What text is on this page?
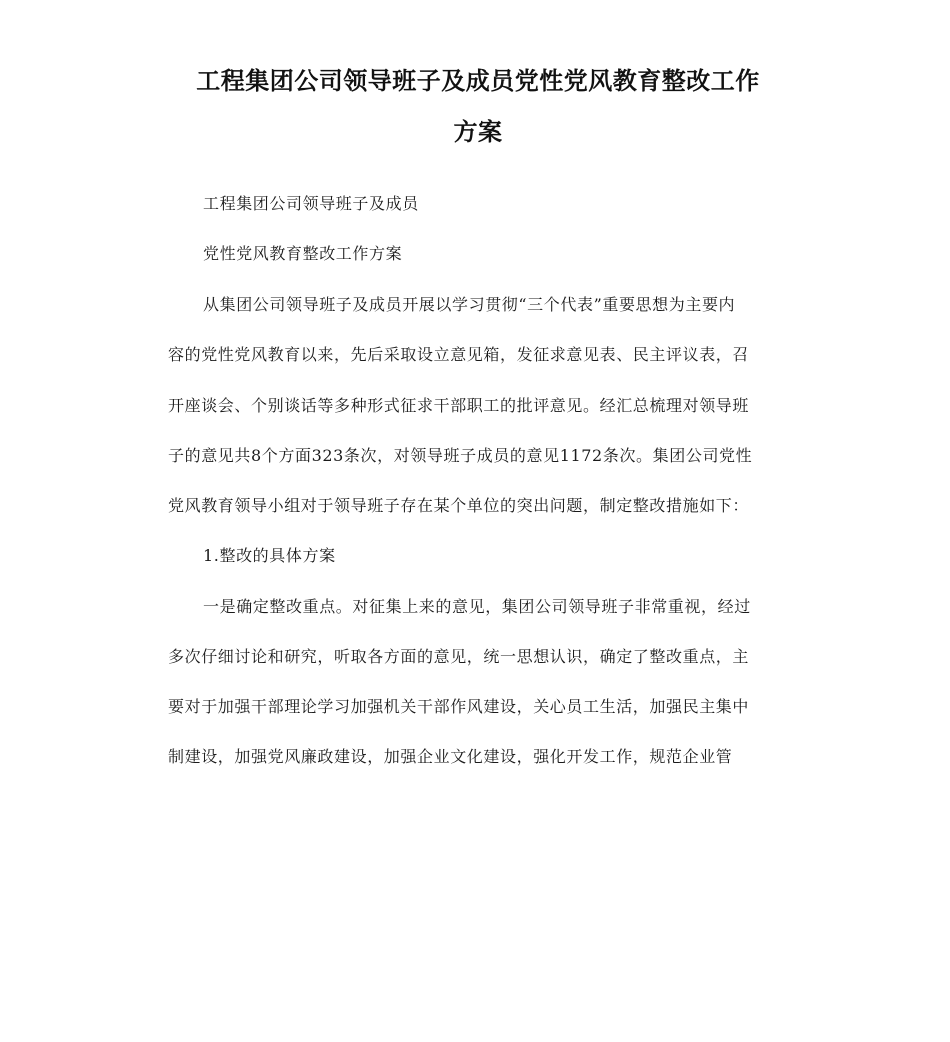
工程集团公司领导班子及成员党性党风教育整改工作
方案
工程集团公司领导班子及成员
党性党风教育整改工作方案
从集团公司领导班子及成员开展以学习贯彻“三个代表”重要思想为主要内
容的党性党风教育以来，先后采取设立意见箱，发征求意见表、民主评议表，召
开座谈会、个别谈话等多种形式征求干部职工的批评意见。经汇总梳理对领导班
子的意见共8个方面323条次，对领导班子成员的意见1172条次。集团公司党性
党风教育领导小组对于领导班子存在某个单位的突出问题，制定整改措施如下：
1.整改的具体方案
一是确定整改重点。对征集上来的意见，集团公司领导班子非常重视，经过
多次仔细讨论和研究，听取各方面的意见，统一思想认识，确定了整改重点，主
要对于加强干部理论学习加强机关干部作风建设，关心员工生活，加强民主集中
制建设，加强党风廉政建设，加强企业文化建设，强化开发工作，规范企业管
